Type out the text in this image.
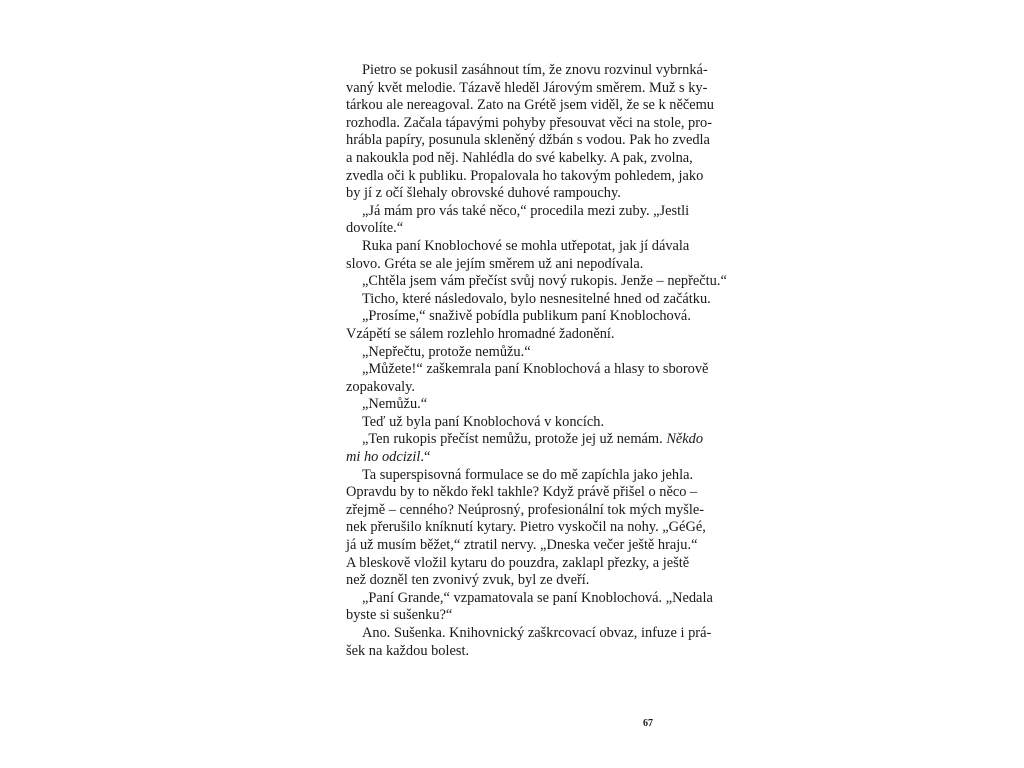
Pietro se pokusil zasáhnout tím, že znovu rozvinul vybrnká-
vaný květ melodie. Tázavě hleděl Járovým směrem. Muž s ky-
tárkou ale nereagoval. Zato na Grétě jsem viděl, že se k něčemu
rozhodla. Začala tápavými pohyby přesouvat věci na stole, pro-
hrábla papíry, posunula skleněný džbán s vodou. Pak ho zvedla
a nakoukla pod něj. Nahlédla do své kabelky. A pak, zvolna,
zvedla oči k publiku. Propalovala ho takovým pohledem, jako
by jí z očí šlehaly obrovské duhové rampouchy.
„Já mám pro vás také něco,“ procedila mezi zuby. „Jestli
dovolíte.“
Ruka paní Knoblochové se mohla utřepotat, jak jí dávala
slovo. Gréta se ale jejím směrem už ani nepodívala.
„Chtěla jsem vám přečíst svůj nový rukopis. Jenže – nepřečtu.“
Ticho, které následovalo, bylo nesnesitelné hned od začátku.
„Prosíme,“ snaživě pobídla publikum paní Knoblochová.
Vzápětí se sálem rozlehlo hromadné žadonění.
„Nepřečtu, protože nemůžu.“
„Můžete!“ zaškemrala paní Knoblochová a hlasy to sborově
zopakovaly.
„Nemůžu.“
Teď už byla paní Knoblochová v koncích.
„Ten rukopis přečíst nemůžu, protože jej už nemám. Někdo
mi ho odcizil.“
Ta superspisovná formulace se do mě zapíchla jako jehla.
Opravdu by to někdo řekl takhle? Když právě přišel o něco –
zřejmě – cenného? Neúprosný, profesionální tok mých myšle-
nek přerušilo kníknutí kytary. Pietro vyskočil na nohy. „GéGé,
já už musím běžet,“ ztratil nervy. „Dneska večer ještě hraju.“
A bleskově vložil kytaru do pouzdra, zaklapl přezky, a ještě
než dozněl ten zvonivý zvuk, byl ze dveří.
„Paní Grande,“ vzpamatovala se paní Knoblochová. „Nedala
byste si sušenku?“
Ano. Sušenka. Knihovnický zaškrcovací obvaz, infuze i prá-
šek na každou bolest.
67
